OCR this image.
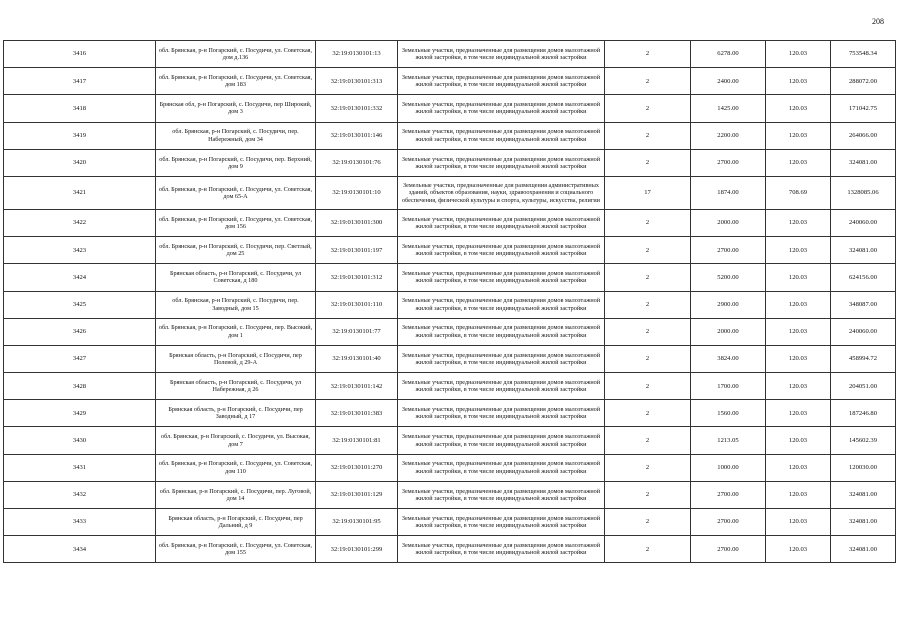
208
3416	обл. Брянская, р-н Погарский, с. Посудичи, ул. Советская, дом д.136	32:19:0130101:13	Земельные участки, предназначенные для размещения домов малоэтажной жилой застройки, в том числе индивидуальной жилой застройки	2	6278.00	120.03	753548.34
3417	обл. Брянская, р-н Погарский, с. Посудичи, ул. Советская, дом 183	32:19:0130101:313	Земельные участки, предназначенные для размещения домов малоэтажной жилой застройки, в том числе индивидуальной жилой застройки	2	2400.00	120.03	288072.00
3418	Брянская обл, р-н Погарский, с. Посудичи, пер Широкий, дом 3	32:19:0130101:332	Земельные участки, предназначенные для размещения домов малоэтажной жилой застройки, в том числе индивидуальной жилой застройки	2	1425.00	120.03	171042.75
3419	обл. Брянская, р-н Погарский, с. Посудичи, пер. Набережный, дом 34	32:19:0130101:146	Земельные участки, предназначенные для размещения домов малоэтажной жилой застройки, в том числе индивидуальной жилой застройки	2	2200.00	120.03	264066.00
3420	обл. Брянская, р-н Погарский, с. Посудичи, пер. Верхний, дом 9	32:19:0130101:76	Земельные участки, предназначенные для размещения домов малоэтажной жилой застройки, в том числе индивидуальной жилой застройки	2	2700.00	120.03	324081.00
3421	обл. Брянская, р-н Погарский, с. Посудичи, ул. Советская, дом 65-А	32:19:0130101:10	Земельные участки, предназначенные для размещения административных зданий, объектов образования, науки, здравоохранения и социального обеспечения, физической культуры и спорта, культуры, искусства, религии	17	1874.00	708.69	1328085.06
3422	обл. Брянская, р-н Погарский, с. Посудичи, ул. Советская, дом 156	32:19:0130101:300	Земельные участки, предназначенные для размещения домов малоэтажной жилой застройки, в том числе индивидуальной жилой застройки	2	2000.00	120.03	240060.00
3423	обл. Брянская, р-н Погарский, с. Посудичи, пер. Светлый, дом 25	32:19:0130101:197	Земельные участки, предназначенные для размещения домов малоэтажной жилой застройки, в том числе индивидуальной жилой застройки	2	2700.00	120.03	324081.00
3424	Брянская область, р-н Погарский, с. Посудичи, ул Советская, д 180	32:19:0130101:312	Земельные участки, предназначенные для размещения домов малоэтажной жилой застройки, в том числе индивидуальной жилой застройки	2	5200.00	120.03	624156.00
3425	обл. Брянская, р-н Погарский, с. Посудичи, пер. Заводный, дом 15	32:19:0130101:110	Земельные участки, предназначенные для размещения домов малоэтажной жилой застройки, в том числе индивидуальной жилой застройки	2	2900.00	120.03	348087.00
3426	обл. Брянская, р-н Погарский, с. Посудичи, пер. Высокий, дом 1	32:19:0130101:77	Земельные участки, предназначенные для размещения домов малоэтажной жилой застройки, в том числе индивидуальной жилой застройки	2	2000.00	120.03	240060.00
3427	Брянская область, р-н Погарский, с Посудичи, пер Полевой, д 29-А	32:19:0130101:40	Земельные участки, предназначенные для размещения домов малоэтажной жилой застройки, в том числе индивидуальной жилой застройки	2	3824.00	120.03	458994.72
3428	Брянская область, р-н Погарский, с. Посудичи, ул Набережная, д 26	32:19:0130101:142	Земельные участки, предназначенные для размещения домов малоэтажной жилой застройки, в том числе индивидуальной жилой застройки	2	1700.00	120.03	204051.00
3429	Брянская область, р-н Погарский, с. Посудичи, пер Заводный, д 17	32:19:0130101:383	Земельные участки, предназначенные для размещения домов малоэтажной жилой застройки, в том числе индивидуальной жилой застройки	2	1560.00	120.03	187246.80
3430	обл. Брянская, р-н Погарский, с. Посудичи, ул. Высокая, дом 7	32:19:0130101:81	Земельные участки, предназначенные для размещения домов малоэтажной жилой застройки, в том числе индивидуальной жилой застройки	2	1213.05	120.03	145602.39
3431	обл. Брянская, р-н Погарский, с. Посудичи, ул. Советская, дом 110	32:19:0130101:270	Земельные участки, предназначенные для размещения домов малоэтажной жилой застройки, в том числе индивидуальной жилой застройки	2	1000.00	120.03	120030.00
3432	обл. Брянская, р-н Погарский, с. Посудичи, пер. Луговой, дом 14	32:19:0130101:129	Земельные участки, предназначенные для размещения домов малоэтажной жилой застройки, в том числе индивидуальной жилой застройки	2	2700.00	120.03	324081.00
3433	Брянская область, р-н Погарский, с. Посудичи, пер Дальний, д 9	32:19:0130101:95	Земельные участки, предназначенные для размещения домов малоэтажной жилой застройки, в том числе индивидуальной жилой застройки	2	2700.00	120.03	324081.00
3434	обл. Брянская, р-н Погарский, с. Посудичи, ул. Советская, дом 155	32:19:0130101:299	Земельные участки, предназначенные для размещения домов малоэтажной жилой застройки, в том числе индивидуальной жилой застройки	2	2700.00	120.03	324081.00
